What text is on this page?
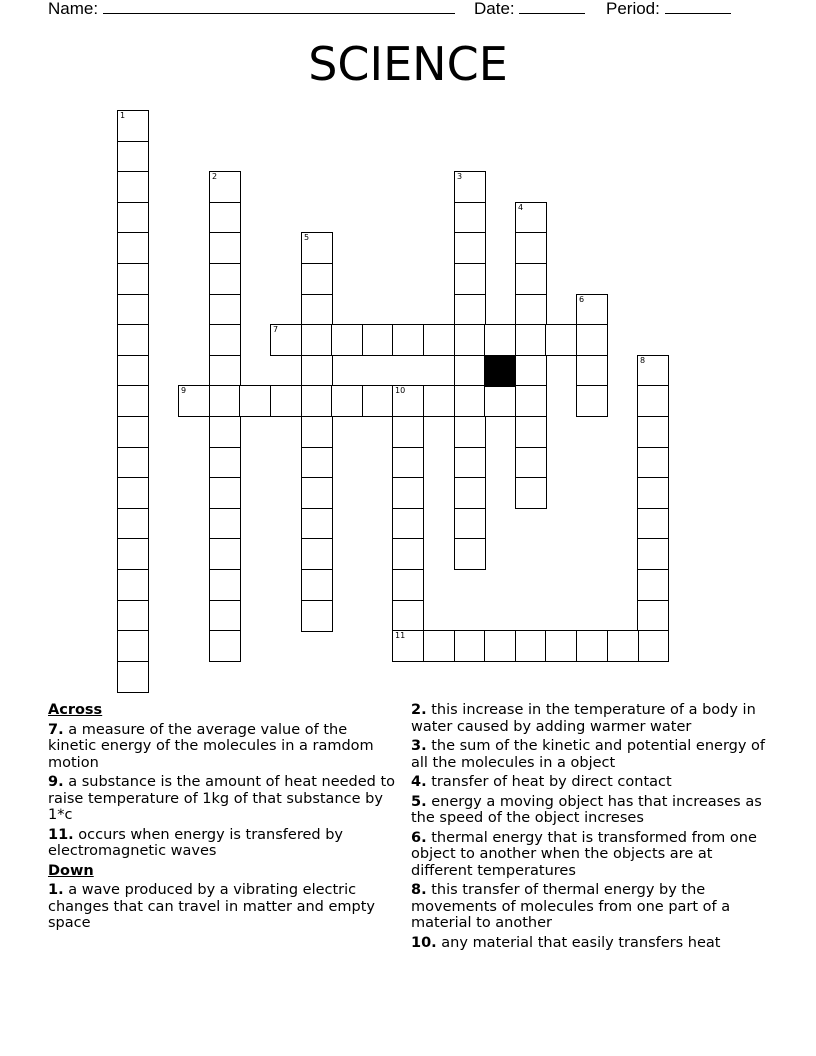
Name:	Date:	Period:
SCIENCE
1
2	3
4
5
6
7
8
9	10
11
Across
7. a measure of the average value of the kinetic energy of the molecules in a ramdom motion
9. a substance is the amount of heat needed to raise temperature of 1kg of that substance by 1*c
11. occurs when energy is transfered by electromagnetic waves
Down
1. a wave produced by a vibrating electric changes that can travel in matter and empty space
2. this increase in the temperature of a body in water caused by adding warmer water
3. the sum of the kinetic and potential energy of all the molecules in a object
4. transfer of heat by direct contact
5. energy a moving object has that increases as the speed of the object increses
6. thermal energy that is transformed from one object to another when the objects are at different temperatures
8. this transfer of thermal energy by the movements of molecules from one part of a material to another
10. any material that easily transfers heat
